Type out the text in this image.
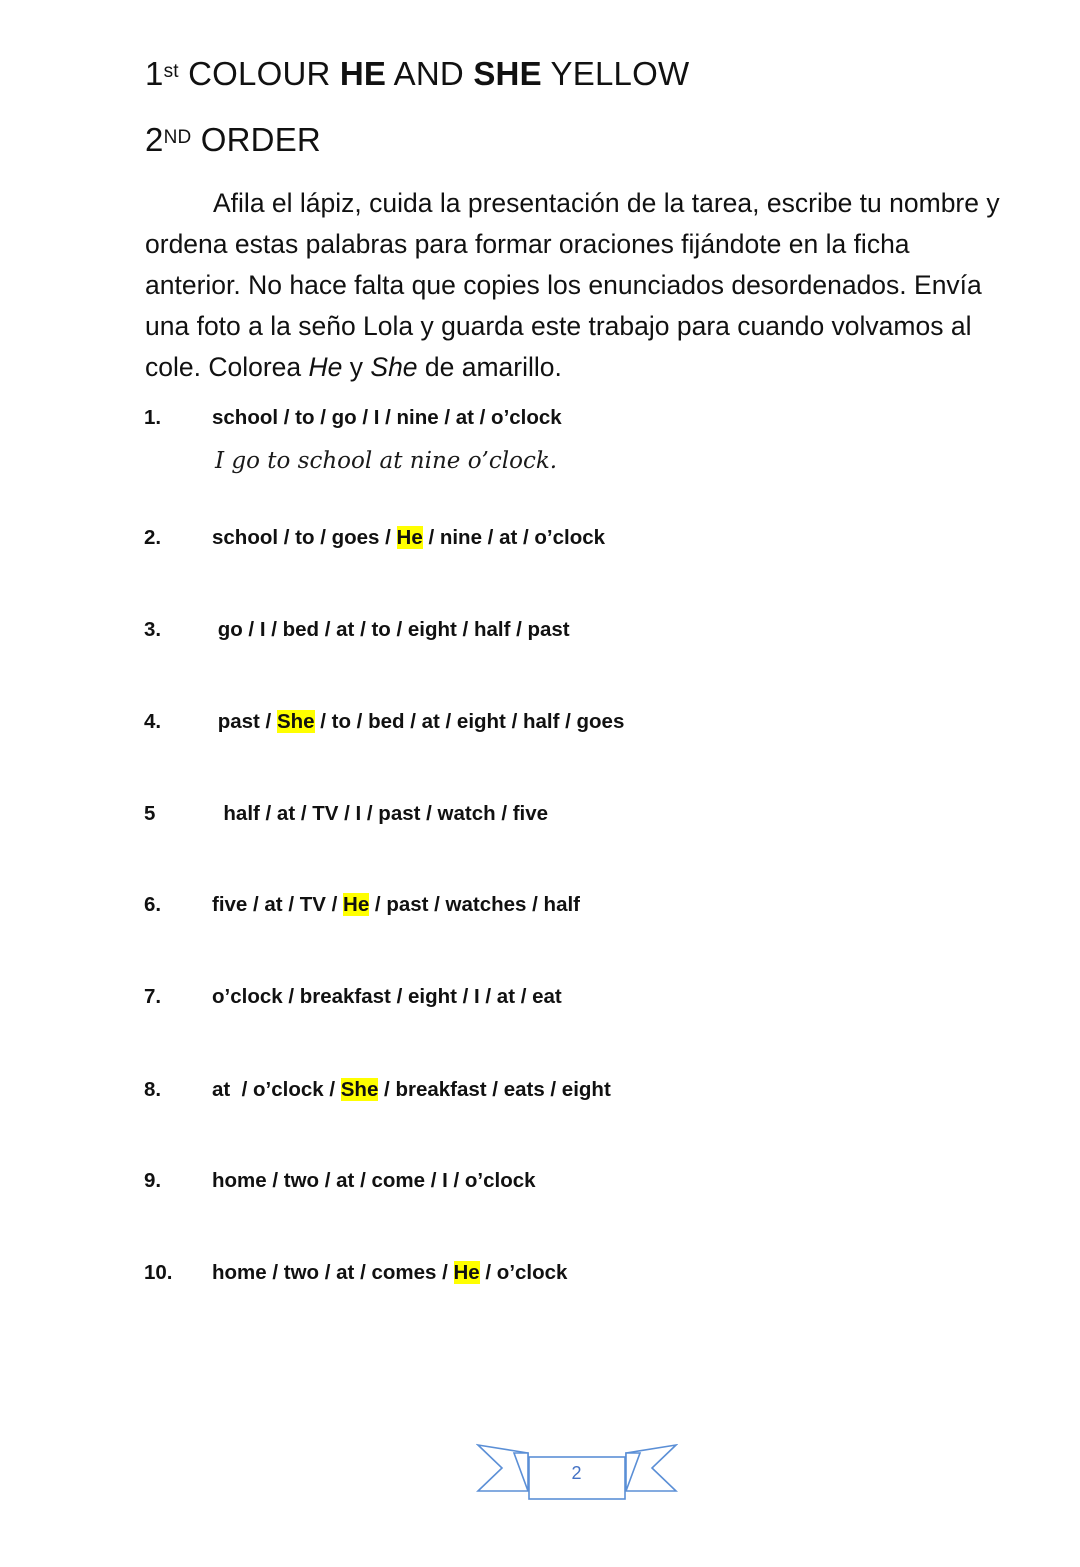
1st COLOUR HE AND SHE YELLOW
2ND ORDER

Afila el lápiz, cuida la presentación de la tarea, escribe tu nombre y ordena estas palabras para formar oraciones fijándote en la ficha anterior. No hace falta que copies los enunciados desordenados. Envía una foto a la seño Lola y guarda este trabajo para cuando volvamos al cole. Colorea He y She de amarillo.

1. school / to / go / I / nine / at / o’clock
I go to school at nine o’clock.
2. school / to / goes / He / nine / at / o’clock
3. go / I / bed / at / to / eight / half / past
4. past / She / to / bed / at / eight / half / goes
5	half / at / TV / I / past / watch / five
6. five / at / TV / He / past / watches / half
7. o’clock / breakfast / eight / I / at / eat
8. at  / o’clock / She / breakfast / eats / eight
9. home / two / at / come / I / o’clock
10. home / two / at / comes / He / o’clock
2
